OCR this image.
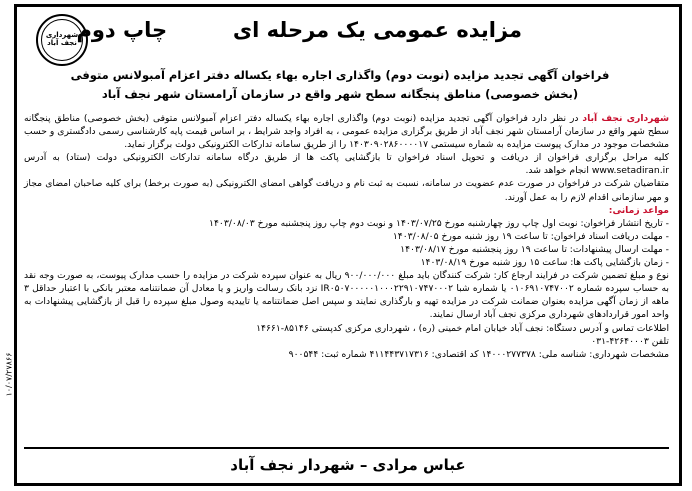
شهرداری
نجف آباد
مزایده عمومی یک مرحله ای         چاپ دوم
فراخوان آگهی تجدید مزایده (نوبت دوم) واگذاری اجاره بهاء یکساله دفتر اعزام آمبولانس متوفی
(بخش خصوصی) مناطق پنجگانه سطح شهر واقع در سازمان آرامستان شهر نجف آباد

شهرداری نجف آباد در نظر دارد فراخوان آگهی تجدید مزایده (نوبت دوم) واگذاری اجاره بهاء یکساله دفتر اعزام آمبولانس متوفی (بخش خصوصی) مناطق پنجگانه سطح شهر واقع در سازمان آرامستان شهر نجف آباد از طریق برگزاری مزایده عمومی ، به افراد واجد شرایط ، بر اساس قیمت پایه کارشناسی رسمی دادگستری و حسب مشخصات موجود در مدارک پیوست مزایده به شماره سیستمی ۱۴۰۳۰۹۰۲۸۶۰۰۰۰۱۷ را از طریق سامانه تدارکات الکترونیکی دولت برگزار نماید.

کلیه مراحل برگزاری فراخوان از دریافت و تحویل اسناد فراخوان تا بازگشایی پاکت ها از طریق درگاه سامانه تدارکات الکترونیکی دولت (ستاد) به آدرس www.setadiran.ir انجام خواهد شد.

متقاضیان شرکت در فراخوان در صورت عدم عضویت در سامانه، نسبت به ثبت نام و دریافت گواهی امضای الکترونیکی (به صورت برخط) برای کلیه صاحبان امضای مجاز و مهر سازمانی اقدام لازم را به عمل آورند.

مواعد زمانی:

- تاریخ انتشار فراخوان: نوبت اول چاپ روز چهارشنبه مورخ ۱۴۰۳/۰۷/۲۵ و نوبت دوم چاپ روز پنجشنبه مورخ ۱۴۰۳/۰۸/۰۳

- مهلت دریافت اسناد فراخوان: تا ساعت ۱۹ روز شنبه مورخ ۱۴۰۳/۰۸/۰۵

- مهلت ارسال پیشنهادات: تا ساعت ۱۹ روز پنجشنبه مورخ ۱۴۰۳/۰۸/۱۷

- زمان بازگشایی پاکت ها: ساعت ۱۵ روز شنبه مورخ ۱۴۰۳/۰۸/۱۹

نوع و مبلغ تضمین شرکت در فرایند ارجاع کار: شرکت کنندگان باید مبلغ ۹۰۰/۰۰۰/۰۰۰ ریال به عنوان سپرده شرکت در مزایده را حسب مدارک پیوست، به صورت وجه نقد به حساب سپرده شماره ۰۱۰۶۹۱۰۷۴۷۰۰۲ یا شماره شبا IR۰۵۰۷۰۰۰۰۰۱۰۰۰۲۲۹۱۰۷۴۷۰۰۰۲ نزد بانک رسالت واریز و یا معادل آن ضمانتنامه معتبر بانکی با اعتبار حداقل ۳ ماهه از زمان آگهی مزایده بعنوان ضمانت شرکت در مزایده تهیه و بارگذاری نمایند و سپس اصل ضمانتنامه یا تاییدیه وصول مبلغ سپرده را قبل از بازگشایی پیشنهادات به واحد امور قراردادهای شهرداری مرکزی نجف آباد ارسال نمایند.

اطلاعات تماس و آدرس دستگاه: نجف آباد خیابان امام خمینی (ره) ، شهرداری مرکزی کدپستی ۸۵۱۴۶-۱۴۶۶۱

تلفن ۴۲۶۴۰۰۰۳-۰۳۱

مشخصات شهرداری: شناسه ملی: ۱۴۰۰۰۲۷۷۳۷۸ کد اقتصادی: ۴۱۱۴۴۳۷۱۷۳۱۶ شماره ثبت: ۹۰۰۵۴۴

۱۰/۰۷/۲۷۸۶۶
عباس مرادی – شهردار نجف آباد
